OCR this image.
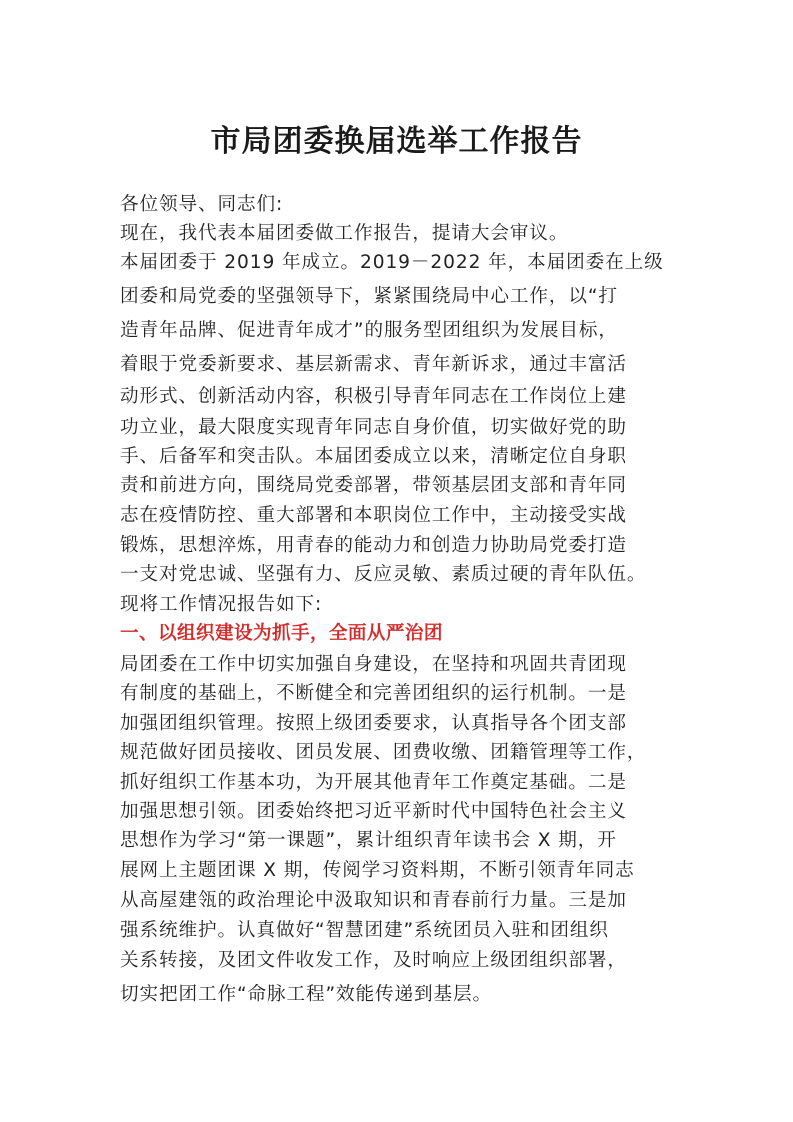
市局团委换届选举工作报告
各位领导、同志们:
现在，我代表本届团委做工作报告，提请大会审议。
本届团委于 2019 年成立。2019－2022 年，本届团委在上级
团委和局党委的坚强领导下，紧紧围绕局中心工作，以“打
造青年品牌、促进青年成才”的服务型团组织为发展目标，
着眼于党委新要求、基层新需求、青年新诉求，通过丰富活
动形式、创新活动内容，积极引导青年同志在工作岗位上建
功立业，最大限度实现青年同志自身价值，切实做好党的助
手、后备军和突击队。本届团委成立以来，清晰定位自身职
责和前进方向，围绕局党委部署，带领基层团支部和青年同
志在疫情防控、重大部署和本职岗位工作中，主动接受实战
锻炼，思想淬炼，用青春的能动力和创造力协助局党委打造
一支对党忠诚、坚强有力、反应灵敏、素质过硬的青年队伍。
现将工作情况报告如下:
一、以组织建设为抓手，全面从严治团
局团委在工作中切实加强自身建设，在坚持和巩固共青团现
有制度的基础上，不断健全和完善团组织的运行机制。一是
加强团组织管理。按照上级团委要求，认真指导各个团支部
规范做好团员接收、团员发展、团费收缴、团籍管理等工作，
抓好组织工作基本功，为开展其他青年工作奠定基础。二是
加强思想引领。团委始终把习近平新时代中国特色社会主义
思想作为学习“第一课题”，累计组织青年读书会 X 期，开
展网上主题团课 X 期，传阅学习资料期，不断引领青年同志
从高屋建瓴的政治理论中汲取知识和青春前行力量。三是加
强系统维护。认真做好“智慧团建”系统团员入驻和团组织
关系转接，及团文件收发工作，及时响应上级团组织部署，
切实把团工作“命脉工程”效能传递到基层。
